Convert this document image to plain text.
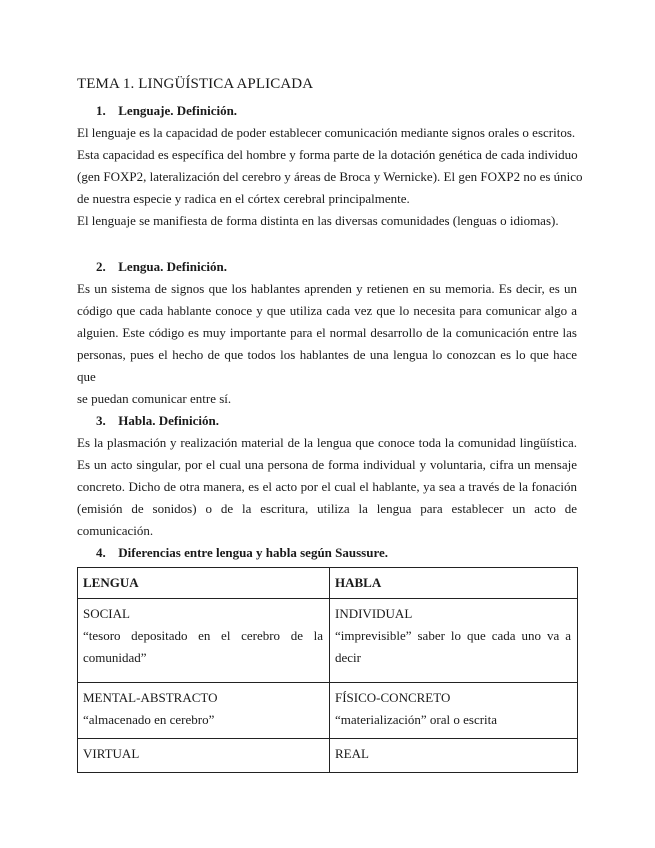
TEMA 1. LINGÜÍSTICA APLICADA
1. Lenguaje. Definición.
El lenguaje es la capacidad de poder establecer comunicación mediante signos orales o escritos.
Esta capacidad es específica del hombre y forma parte de la dotación genética de cada individuo
(gen FOXP2, lateralización del cerebro y áreas de Broca y Wernicke). El gen FOXP2 no es único
de nuestra especie y radica en el córtex cerebral principalmente.
El lenguaje se manifiesta de forma distinta en las diversas comunidades (lenguas o idiomas).
2. Lengua. Definición.
Es un sistema de signos que los hablantes aprenden y retienen en su memoria. Es decir, es un
código que cada hablante conoce y que utiliza cada vez que lo necesita para comunicar algo a
alguien. Este código es muy importante para el normal desarrollo de la comunicación entre las
personas, pues el hecho de que todos los hablantes de una lengua lo conozcan es lo que hace que
se puedan comunicar entre sí.
3. Habla. Definición.
Es la plasmación y realización material de la lengua que conoce toda la comunidad lingüística.
Es un acto singular, por el cual una persona de forma individual y voluntaria, cifra un mensaje
concreto. Dicho de otra manera, es el acto por el cual el hablante, ya sea a través de la fonación
(emisión de sonidos) o de la escritura, utiliza la lengua para establecer un acto de comunicación.
4. Diferencias entre lengua y habla según Saussure.
LENGUA	HABLA

SOCIAL
“tesoro depositado en el cerebro de la comunidad”	INDIVIDUAL
“imprevisible” saber lo que cada uno va a decir

MENTAL-ABSTRACTO
“almacenado en cerebro”	FÍSICO-CONCRETO
“materialización” oral o escrita

VIRTUAL	REAL
